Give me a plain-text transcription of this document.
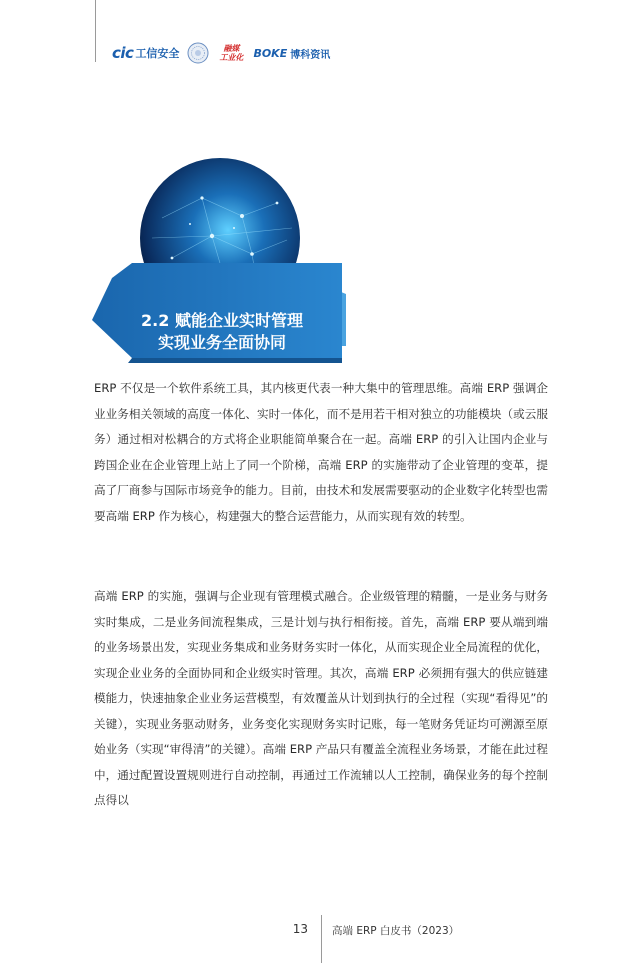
cic 工信安全	融媒
工业化 BOKE 博科资讯
2.2 赋能企业实时管理
实现业务全面协同

ERP 不仅是一个软件系统工具，其内核更代表一种大集中的管理思维。高端 ERP 强调企业业务相关领域的高度一体化、实时一体化，而不是用若干相对独立的功能模块（或云服务）通过相对松耦合的方式将企业职能简单聚合在一起。高端 ERP 的引入让国内企业与跨国企业在企业管理上站上了同一个阶梯，高端 ERP 的实施带动了企业管理的变革，提高了厂商参与国际市场竞争的能力。目前，由技术和发展需要驱动的企业数字化转型也需要高端 ERP 作为核心，构建强大的整合运营能力，从而实现有效的转型。

高端 ERP 的实施，强调与企业现有管理模式融合。企业级管理的精髓，一是业务与财务实时集成，二是业务间流程集成，三是计划与执行相衔接。首先，高端 ERP 要从端到端的业务场景出发，实现业务集成和业务财务实时一体化，从而实现企业全局流程的优化，实现企业业务的全面协同和企业级实时管理。其次，高端 ERP 必须拥有强大的供应链建模能力，快速抽象企业业务运营模型，有效覆盖从计划到执行的全过程（实现“看得见”的关键），实现业务驱动财务，业务变化实现财务实时记账，每一笔财务凭证均可溯源至原始业务（实现“审得清”的关键）。高端 ERP 产品只有覆盖全流程业务场景，才能在此过程中，通过配置设置规则进行自动控制，再通过工作流辅以人工控制，确保业务的每个控制点得以

13 高端 ERP 白皮书（2023）
